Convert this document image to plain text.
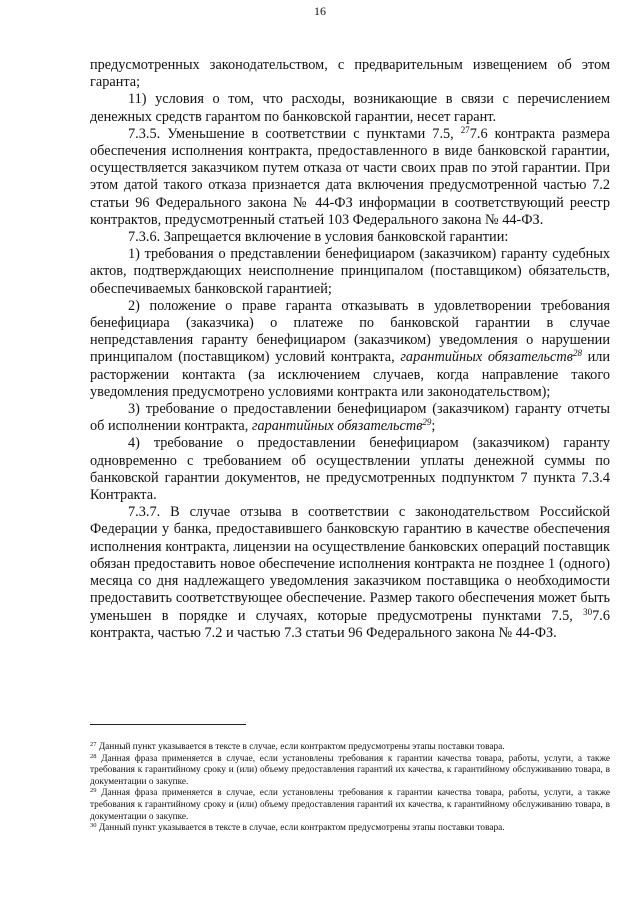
16

предусмотренных законодательством, с предварительным извещением об этом гаранта;

11) условия о том, что расходы, возникающие в связи с перечислением денежных средств гарантом по банковской гарантии, несет гарант.

7.3.5. Уменьшение в соответствии с пунктами 7.5, $^{27}$7.6 контракта размера обеспечения исполнения контракта, предоставленного в виде банковской гарантии, осуществляется заказчиком путем отказа от части своих прав по этой гарантии. При этом датой такого отказа признается дата включения предусмотренной частью 7.2 статьи 96 Федерального закона № 44-ФЗ информации в соответствующий реестр контрактов, предусмотренный статьей 103 Федерального закона № 44-ФЗ.

7.3.6. Запрещается включение в условия банковской гарантии:

1) требования о представлении бенефициаром (заказчиком) гаранту судебных актов, подтверждающих неисполнение принципалом (поставщиком) обязательств, обеспечиваемых банковской гарантией;

2) положение о праве гаранта отказывать в удовлетворении требования бенефициара (заказчика) о платеже по банковской гарантии в случае непредставления гаранту бенефициаром (заказчиком) уведомления о нарушении принципалом (поставщиком) условий контракта, гарантийных обязательств$^{28}$ или расторжении контакта (за исключением случаев, когда направление такого уведомления предусмотрено условиями контракта или законодательством);

3) требование о предоставлении бенефициаром (заказчиком) гаранту отчеты об исполнении контракта, гарантийных обязательств$^{29}$;

4) требование о предоставлении бенефициаром (заказчиком) гаранту одновременно с требованием об осуществлении уплаты денежной суммы по банковской гарантии документов, не предусмотренных подпунктом 7 пункта 7.3.4 Контракта.

7.3.7. В случае отзыва в соответствии с законодательством Российской Федерации у банка, предоставившего банковскую гарантию в качестве обеспечения исполнения контракта, лицензии на осуществление банковских операций поставщик обязан предоставить новое обеспечение исполнения контракта не позднее 1 (одного) месяца со дня надлежащего уведомления заказчиком поставщика о необходимости предоставить соответствующее обеспечение. Размер такого обеспечения может быть уменьшен в порядке и случаях, которые предусмотрены пунктами 7.5, $^{30}$7.6 контракта, частью 7.2 и частью 7.3 статьи 96 Федерального закона № 44-ФЗ.

$^{27}$ Данный пункт указывается в тексте в случае, если контрактом предусмотрены этапы поставки товара.

$^{28}$ Данная фраза применяется в случае, если установлены требования к гарантии качества товара, работы, услуги, а также требования к гарантийному сроку и (или) объему предоставления гарантий их качества, к гарантийному обслуживанию товара, в документации о закупке.

$^{29}$ Данная фраза применяется в случае, если установлены требования к гарантии качества товара, работы, услуги, а также требования к гарантийному сроку и (или) объему предоставления гарантий их качества, к гарантийному обслуживанию товара, в документации о закупке.

$^{30}$ Данный пункт указывается в тексте в случае, если контрактом предусмотрены этапы поставки товара.
